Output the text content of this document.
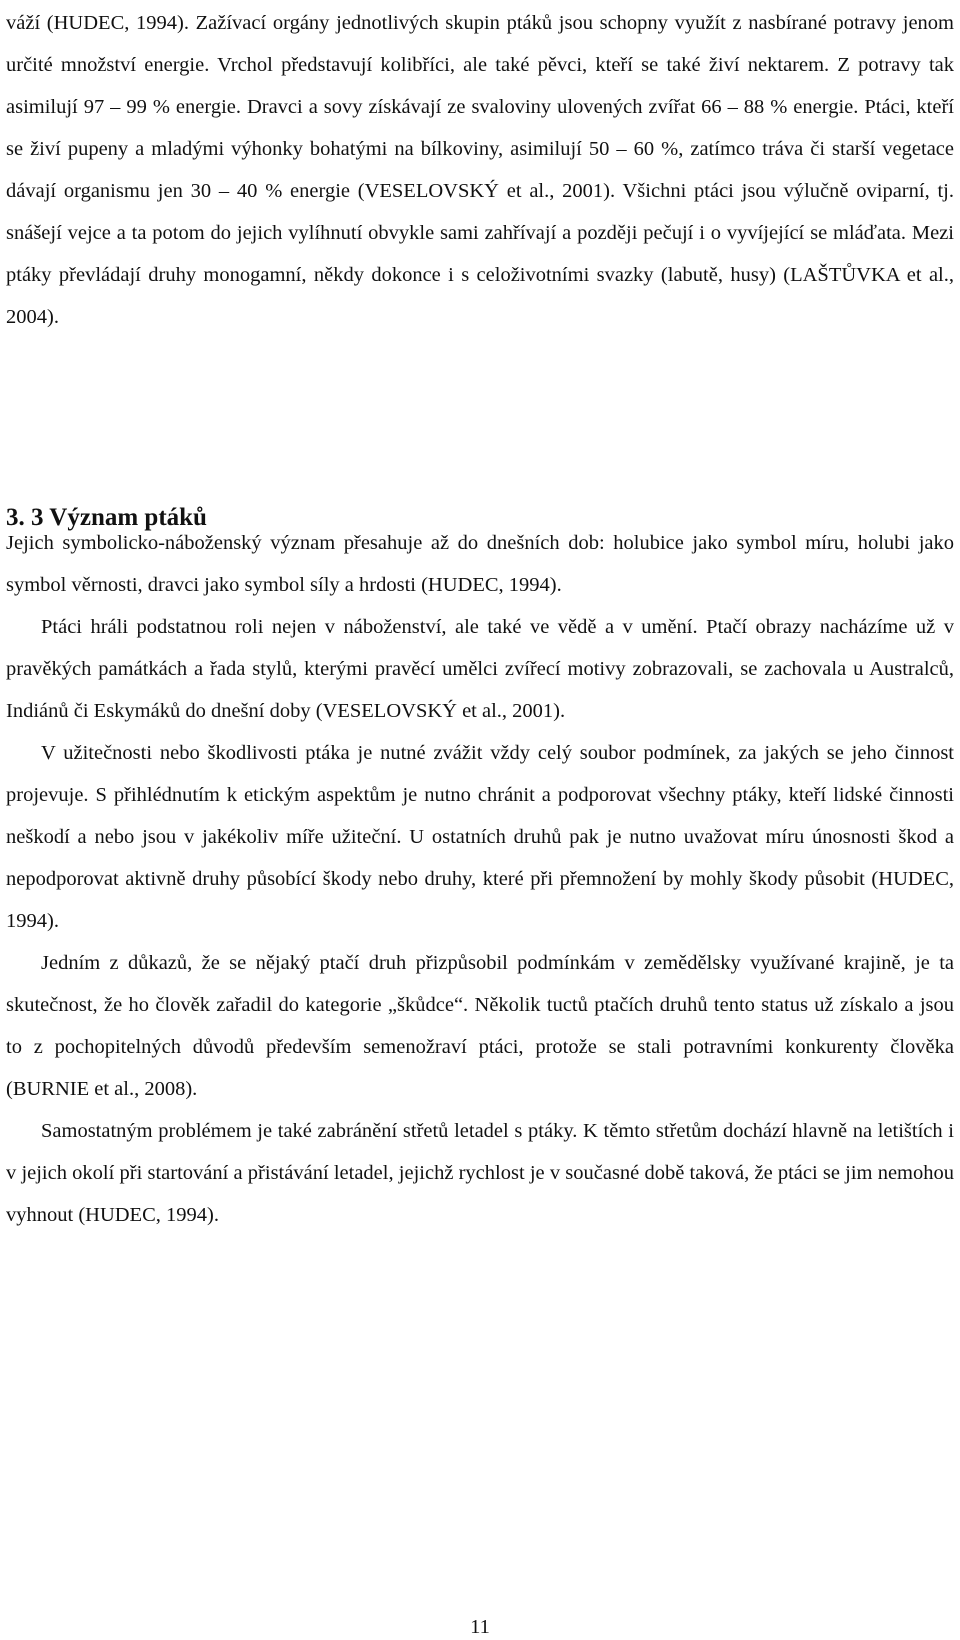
váží (HUDEC, 1994). Zažívací orgány jednotlivých skupin ptáků jsou schopny využít z nasbírané potravy jenom určité množství energie. Vrchol představují kolibříci, ale také pěvci, kteří se také živí nektarem. Z potravy tak asimilují 97 – 99 % energie. Dravci a sovy získávají ze svaloviny ulovených zvířat 66 – 88 % energie. Ptáci, kteří se živí pupeny a mladými výhonky bohatými na bílkoviny, asimilují 50 – 60 %, zatímco tráva či starší vegetace dávají organismu jen 30 – 40 % energie (VESELOVSKÝ et al., 2001). Všichni ptáci jsou výlučně oviparní, tj. snášejí vejce a ta potom do jejich vylíhnutí obvykle sami zahřívají a později pečují i o vyvíjející se mláďata. Mezi ptáky převládají druhy monogamní, někdy dokonce i s celoživotními svazky (labutě, husy) (LAŠTŮVKA et al., 2004).

3. 3 Význam ptáků

Jejich symbolicko-náboženský význam přesahuje až do dnešních dob: holubice jako symbol míru, holubi jako symbol věrnosti, dravci jako symbol síly a hrdosti (HUDEC, 1994).

Ptáci hráli podstatnou roli nejen v náboženství, ale také ve vědě a v umění. Ptačí obrazy nacházíme už v pravěkých památkách a řada stylů, kterými pravěcí umělci zvířecí motivy zobrazovali, se zachovala u Australců, Indiánů či Eskymáků do dnešní doby (VESELOVSKÝ et al., 2001).

V užitečnosti nebo škodlivosti ptáka je nutné zvážit vždy celý soubor podmínek, za jakých se jeho činnost projevuje. S přihlédnutím k etickým aspektům je nutno chránit a podporovat všechny ptáky, kteří lidské činnosti neškodí a nebo jsou v jakékoliv míře užiteční. U ostatních druhů pak je nutno uvažovat míru únosnosti škod a nepodporovat aktivně druhy působící škody nebo druhy, které při přemnožení by mohly škody působit (HUDEC, 1994).

Jedním z důkazů, že se nějaký ptačí druh přizpůsobil podmínkám v zemědělsky využívané krajině, je ta skutečnost, že ho člověk zařadil do kategorie „škůdce“. Několik tuctů ptačích druhů tento status už získalo a jsou to z pochopitelných důvodů především semenožraví ptáci, protože se stali potravními konkurenty člověka (BURNIE et al., 2008).

Samostatným problémem je také zabránění střetů letadel s ptáky. K těmto střetům dochází hlavně na letištích i v jejich okolí při startování a přistávání letadel, jejichž rychlost je v současné době taková, že ptáci se jim nemohou vyhnout (HUDEC, 1994).

11
